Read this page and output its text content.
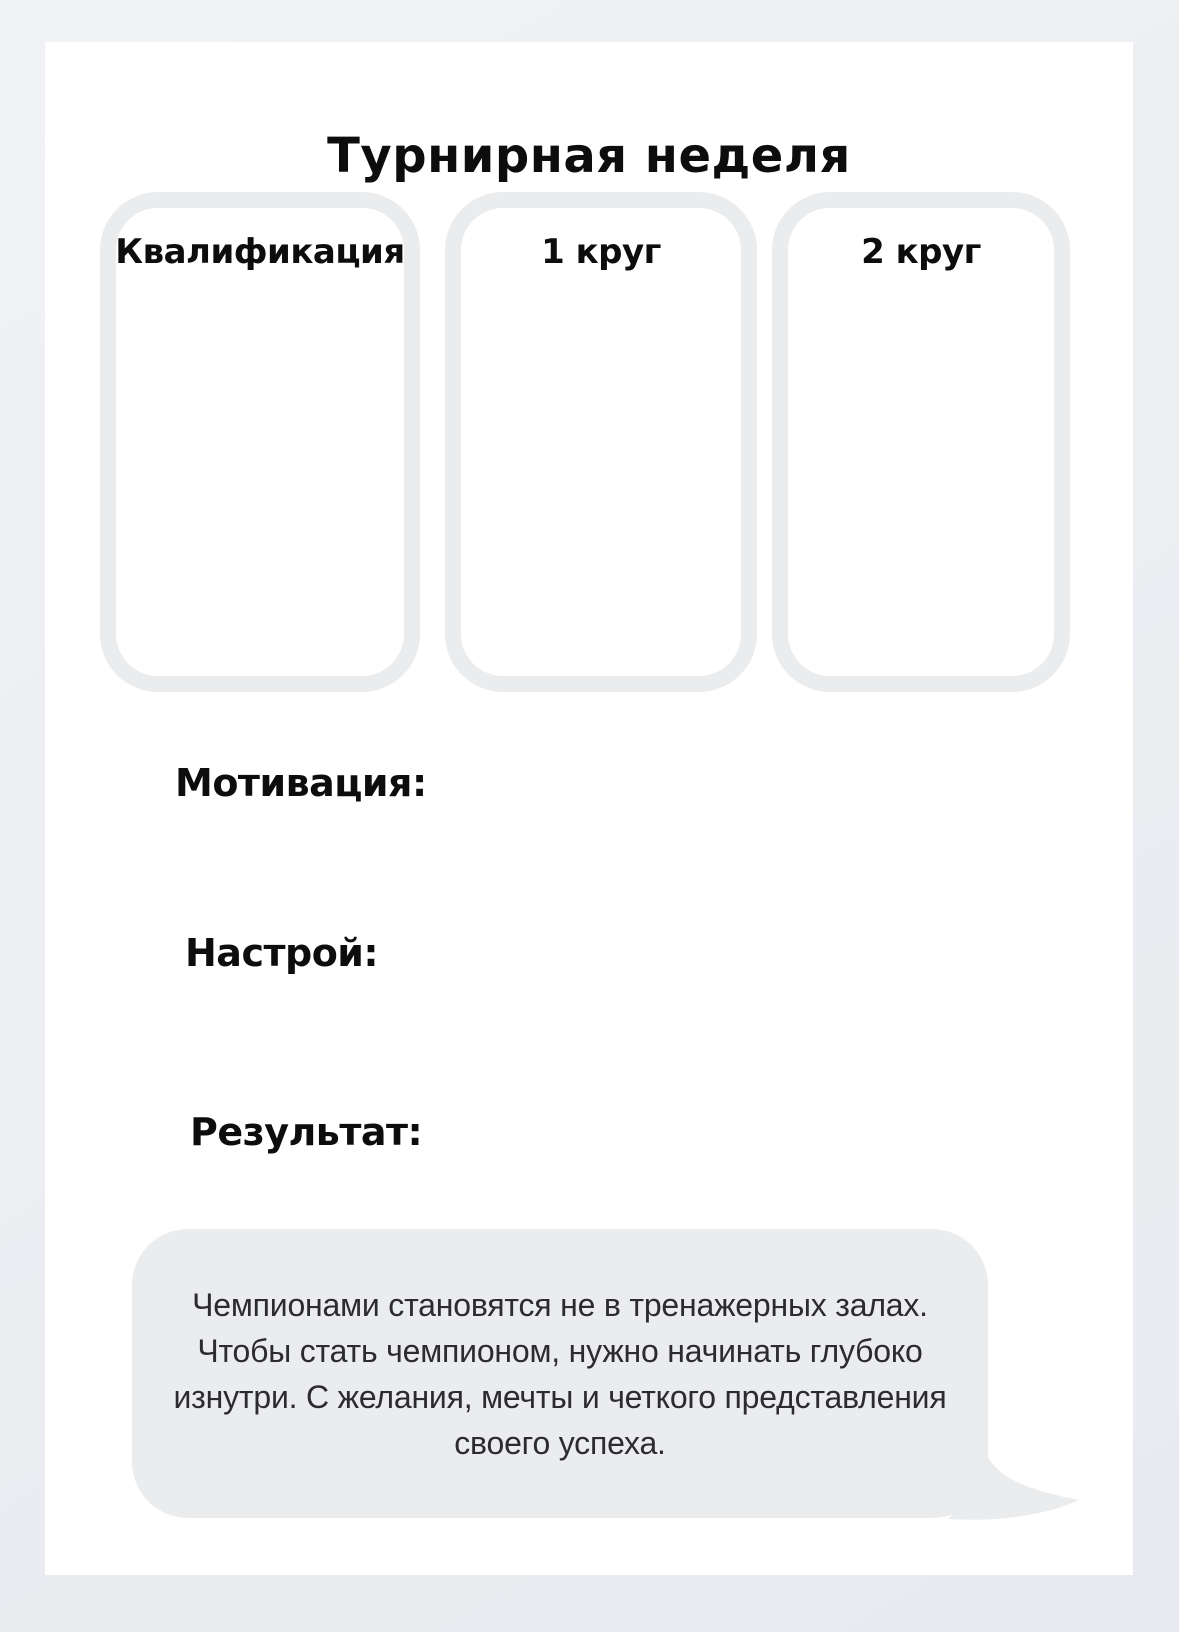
Турнирная неделя
Квалификация	1 круг	2 круг
Мотивация:
Настрой:
Результат:

Чемпионами становятся не в тренажерных залах.

Чтобы стать чемпионом, нужно начинать глубоко

изнутри. С желания, мечты и четкого представления

своего успеха.
